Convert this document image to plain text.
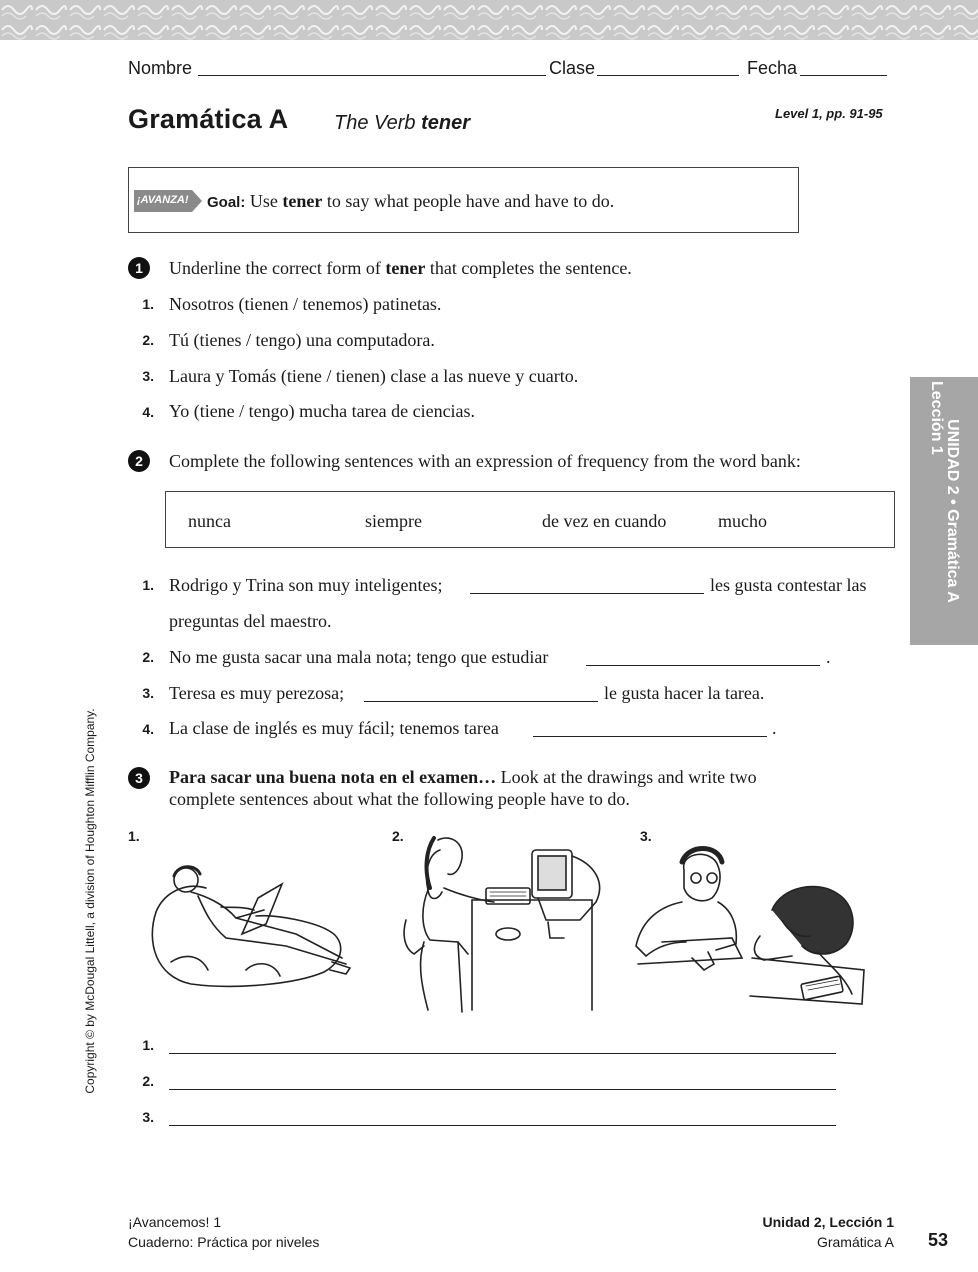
Nombre	Clase	Fecha
Gramática A The Verb tener	Level 1, pp. 91-95
¡AVANZA! Goal: Use tener to say what people have and have to do.
1	Underline the correct form of tener that completes the sentence.
1. Nosotros (tienen / tenemos) patinetas.
2. Tú (tienes / tengo) una computadora.
3. Laura y Tomás (tiene / tienen) clase a las nueve y cuarto.
4. Yo (tiene / tengo) mucha tarea de ciencias.
2	Complete the following sentences with an expression of frequency from the word bank:
nunca	siempre	de vez en cuando	mucho
1. Rodrigo y Trina son muy inteligentes;	les gusta contestar las
preguntas del maestro.
2. No me gusta sacar una mala nota; tengo que estudiar	.
3. Teresa es muy perezosa;	le gusta hacer la tarea.
4. La clase de inglés es muy fácil; tenemos tarea	.
3	Para sacar una buena nota en el examen… Look at the drawings and write two
complete sentences about what the following people have to do.
1.	2.	3.
1.
2.
3.
UNIDAD 2 • Gramática A
Lección 1
Copyright © by McDougal Littell, a division of Houghton Mifflin Company.
¡Avancemos! 1
Cuaderno: Práctica por niveles
Unidad 2, Lección 1
Gramática A 53
